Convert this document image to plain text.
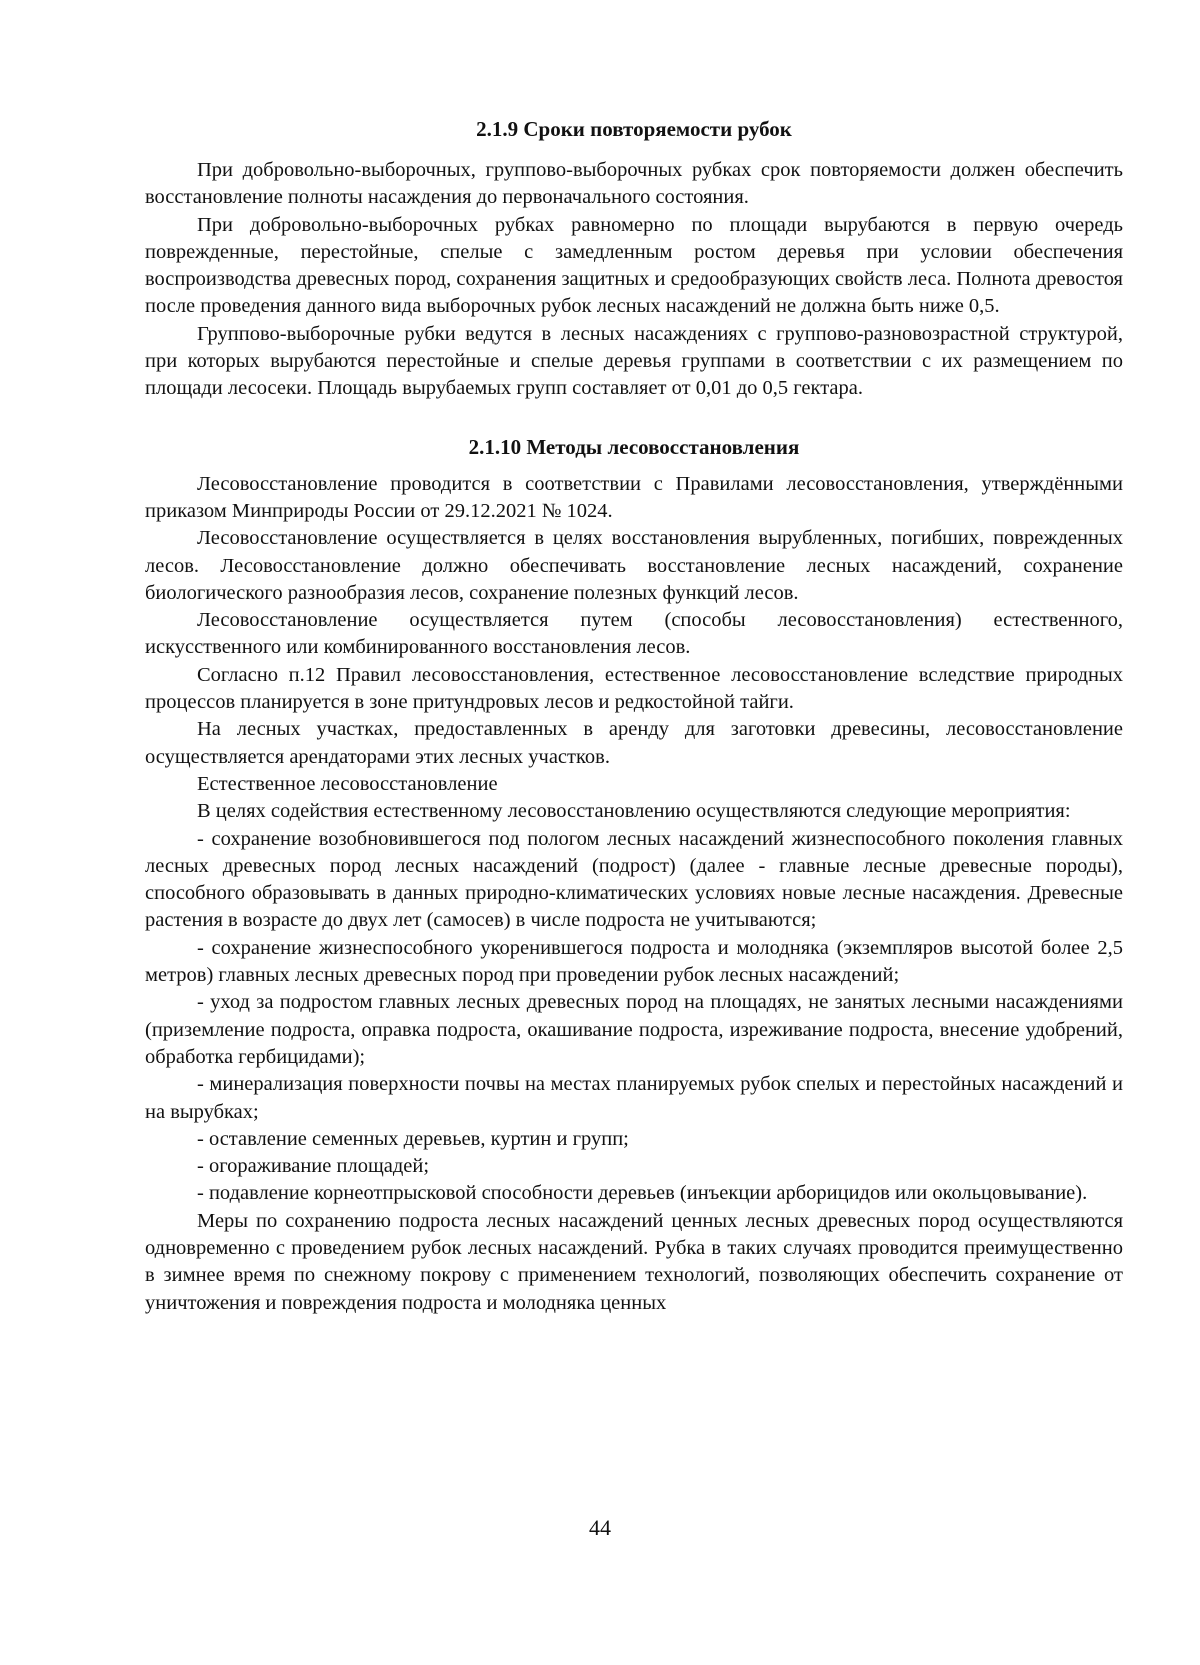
2.1.9 Сроки повторяемости рубок

При добровольно-выборочных, группово-выборочных рубках срок повторяемости должен обеспечить восстановление полноты насаждения до первоначального состояния.

При добровольно-выборочных рубках равномерно по площади вырубаются в первую очередь поврежденные, перестойные, спелые с замедленным ростом деревья при условии обеспечения воспроизводства древесных пород, сохранения защитных и средообразующих свойств леса. Полнота древостоя после проведения данного вида выборочных рубок лесных насаждений не должна быть ниже 0,5.

Группово-выборочные рубки ведутся в лесных насаждениях с группово-разновозрастной структурой, при которых вырубаются перестойные и спелые деревья группами в соответствии с их размещением по площади лесосеки. Площадь вырубаемых групп составляет от 0,01 до 0,5 гектара.

2.1.10 Методы лесовосстановления

Лесовосстановление проводится в соответствии с Правилами лесовосстановления, утверждёнными приказом Минприроды России от 29.12.2021 № 1024.

Лесовосстановление осуществляется в целях восстановления вырубленных, погибших, поврежденных лесов. Лесовосстановление должно обеспечивать восстановление лесных насаждений, сохранение биологического разнообразия лесов, сохранение полезных функций лесов.

Лесовосстановление осуществляется путем (способы лесовосстановления) естественного, искусственного или комбинированного восстановления лесов.

Согласно п.12 Правил лесовосстановления, естественное лесовосстановление вследствие природных процессов планируется в зоне притундровых лесов и редкостойной тайги.

На лесных участках, предоставленных в аренду для заготовки древесины, лесовосстановление осуществляется арендаторами этих лесных участков.

Естественное лесовосстановление

В целях содействия естественному лесовосстановлению осуществляются следующие мероприятия:

- сохранение возобновившегося под пологом лесных насаждений жизнеспособного поколения главных лесных древесных пород лесных насаждений (подрост) (далее - главные лесные древесные породы), способного образовывать в данных природно-климатических условиях новые лесные насаждения. Древесные растения в возрасте до двух лет (самосев) в числе подроста не учитываются;

- сохранение жизнеспособного укоренившегося подроста и молодняка (экземпляров высотой более 2,5 метров) главных лесных древесных пород при проведении рубок лесных насаждений;

- уход за подростом главных лесных древесных пород на площадях, не занятых лесными насаждениями (приземление подроста, оправка подроста, окашивание подроста, изреживание подроста, внесение удобрений, обработка гербицидами);

- минерализация поверхности почвы на местах планируемых рубок спелых и перестойных насаждений и на вырубках;

- оставление семенных деревьев, куртин и групп;

- огораживание площадей;

- подавление корнеотпрысковой способности деревьев (инъекции арборицидов или окольцовывание).

Меры по сохранению подроста лесных насаждений ценных лесных древесных пород осуществляются одновременно с проведением рубок лесных насаждений. Рубка в таких случаях проводится преимущественно в зимнее время по снежному покрову с применением технологий, позволяющих обеспечить сохранение от уничтожения и повреждения подроста и молодняка ценных

44
